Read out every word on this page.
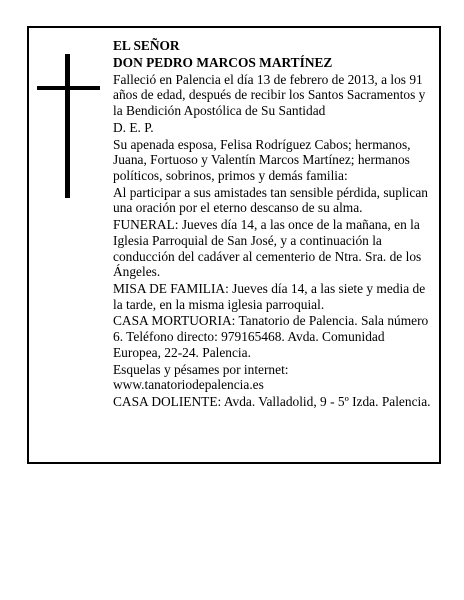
EL SEÑOR

DON PEDRO MARCOS MARTÍNEZ

Falleció en Palencia el día 13 de febrero de 2013, a los 91 años de edad, después de recibir los Santos Sacramentos y la Bendición Apostólica de Su Santidad

D. E. P.

Su apenada esposa, Felisa Rodríguez Cabos; hermanos, Juana, Fortuoso y Valentín Marcos Martínez; hermanos políticos, sobrinos, primos y demás familia:

Al participar a sus amistades tan sensible pérdida, suplican una oración por el eterno descanso de su alma.

FUNERAL: Jueves día 14, a las once de la mañana, en la Iglesia Parroquial de San José, y a continuación la conducción del cadáver al cementerio de Ntra. Sra. de los Ángeles.

MISA DE FAMILIA: Jueves día 14, a las siete y media de la tarde, en la misma iglesia parroquial.

CASA MORTUORIA: Tanatorio de Palencia. Sala número 6. Teléfono directo: 979165468. Avda. Comunidad Europea, 22-24. Palencia.

Esquelas y pésames por internet: www.tanatoriodepalencia.es

CASA DOLIENTE: Avda. Valladolid, 9 - 5º Izda. Palencia.
